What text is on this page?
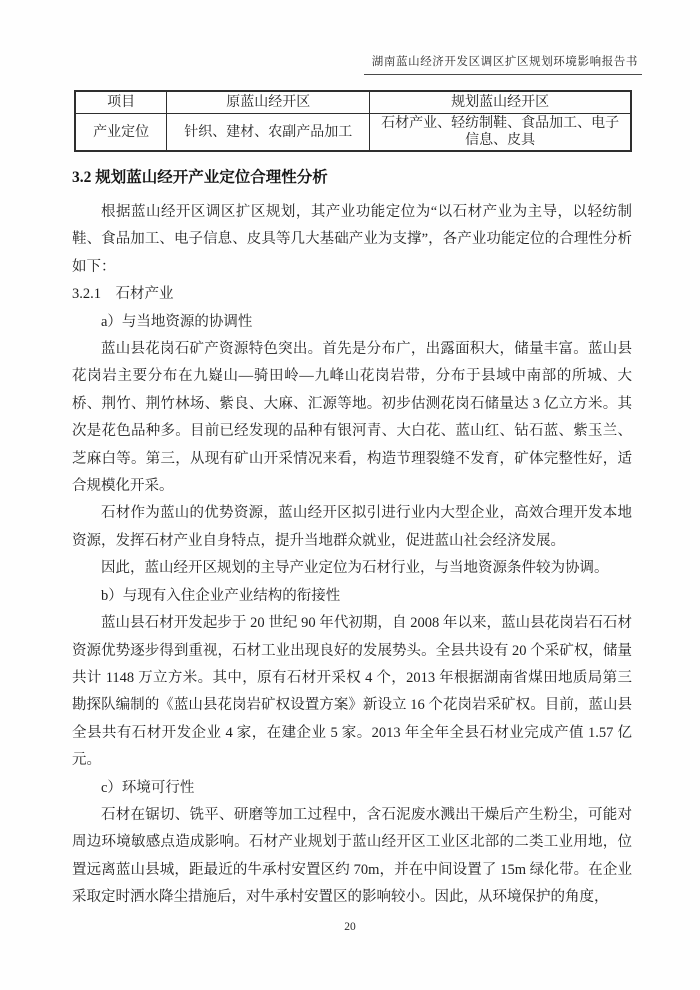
湖南蓝山经济开发区调区扩区规划环境影响报告书
项目	原蓝山经开区	规划蓝山经开区
产业定位	针织、建材、农副产品加工	石材产业、轻纺制鞋、食品加工、电子信息、皮具
3.2 规划蓝山经开产业定位合理性分析

根据蓝山经开区调区扩区规划，其产业功能定位为“以石材产业为主导，以轻纺制鞋、食品加工、电子信息、皮具等几大基础产业为支撑”，各产业功能定位的合理性分析如下：

3.2.1　石材产业

a）与当地资源的协调性

蓝山县花岗石矿产资源特色突出。首先是分布广，出露面积大，储量丰富。蓝山县花岗岩主要分布在九嶷山—骑田岭—九峰山花岗岩带，分布于县域中南部的所城、大桥、荆竹、荆竹林场、紫良、大麻、汇源等地。初步估测花岗石储量达 3 亿立方米。其次是花色品种多。目前已经发现的品种有银河青、大白花、蓝山红、钻石蓝、紫玉兰、芝麻白等。第三，从现有矿山开采情况来看，构造节理裂缝不发育，矿体完整性好，适合规模化开采。

石材作为蓝山的优势资源，蓝山经开区拟引进行业内大型企业，高效合理开发本地资源，发挥石材产业自身特点，提升当地群众就业，促进蓝山社会经济发展。

因此，蓝山经开区规划的主导产业定位为石材行业，与当地资源条件较为协调。

b）与现有入住企业产业结构的衔接性

蓝山县石材开发起步于 20 世纪 90 年代初期，自 2008 年以来，蓝山县花岗岩石石材资源优势逐步得到重视，石材工业出现良好的发展势头。全县共设有 20 个采矿权，储量共计 1148 万立方米。其中，原有石材开采权 4 个，2013 年根据湖南省煤田地质局第三勘探队编制的《蓝山县花岗岩矿权设置方案》新设立 16 个花岗岩采矿权。目前，蓝山县全县共有石材开发企业 4 家，在建企业 5 家。2013 年全年全县石材业完成产值 1.57 亿元。

c）环境可行性

石材在锯切、铣平、研磨等加工过程中，含石泥废水溅出干燥后产生粉尘，可能对周边环境敏感点造成影响。石材产业规划于蓝山经开区工业区北部的二类工业用地，位置远离蓝山县城，距最近的牛承村安置区约 70m，并在中间设置了 15m 绿化带。在企业采取定时洒水降尘措施后，对牛承村安置区的影响较小。因此，从环境保护的角度，

20
